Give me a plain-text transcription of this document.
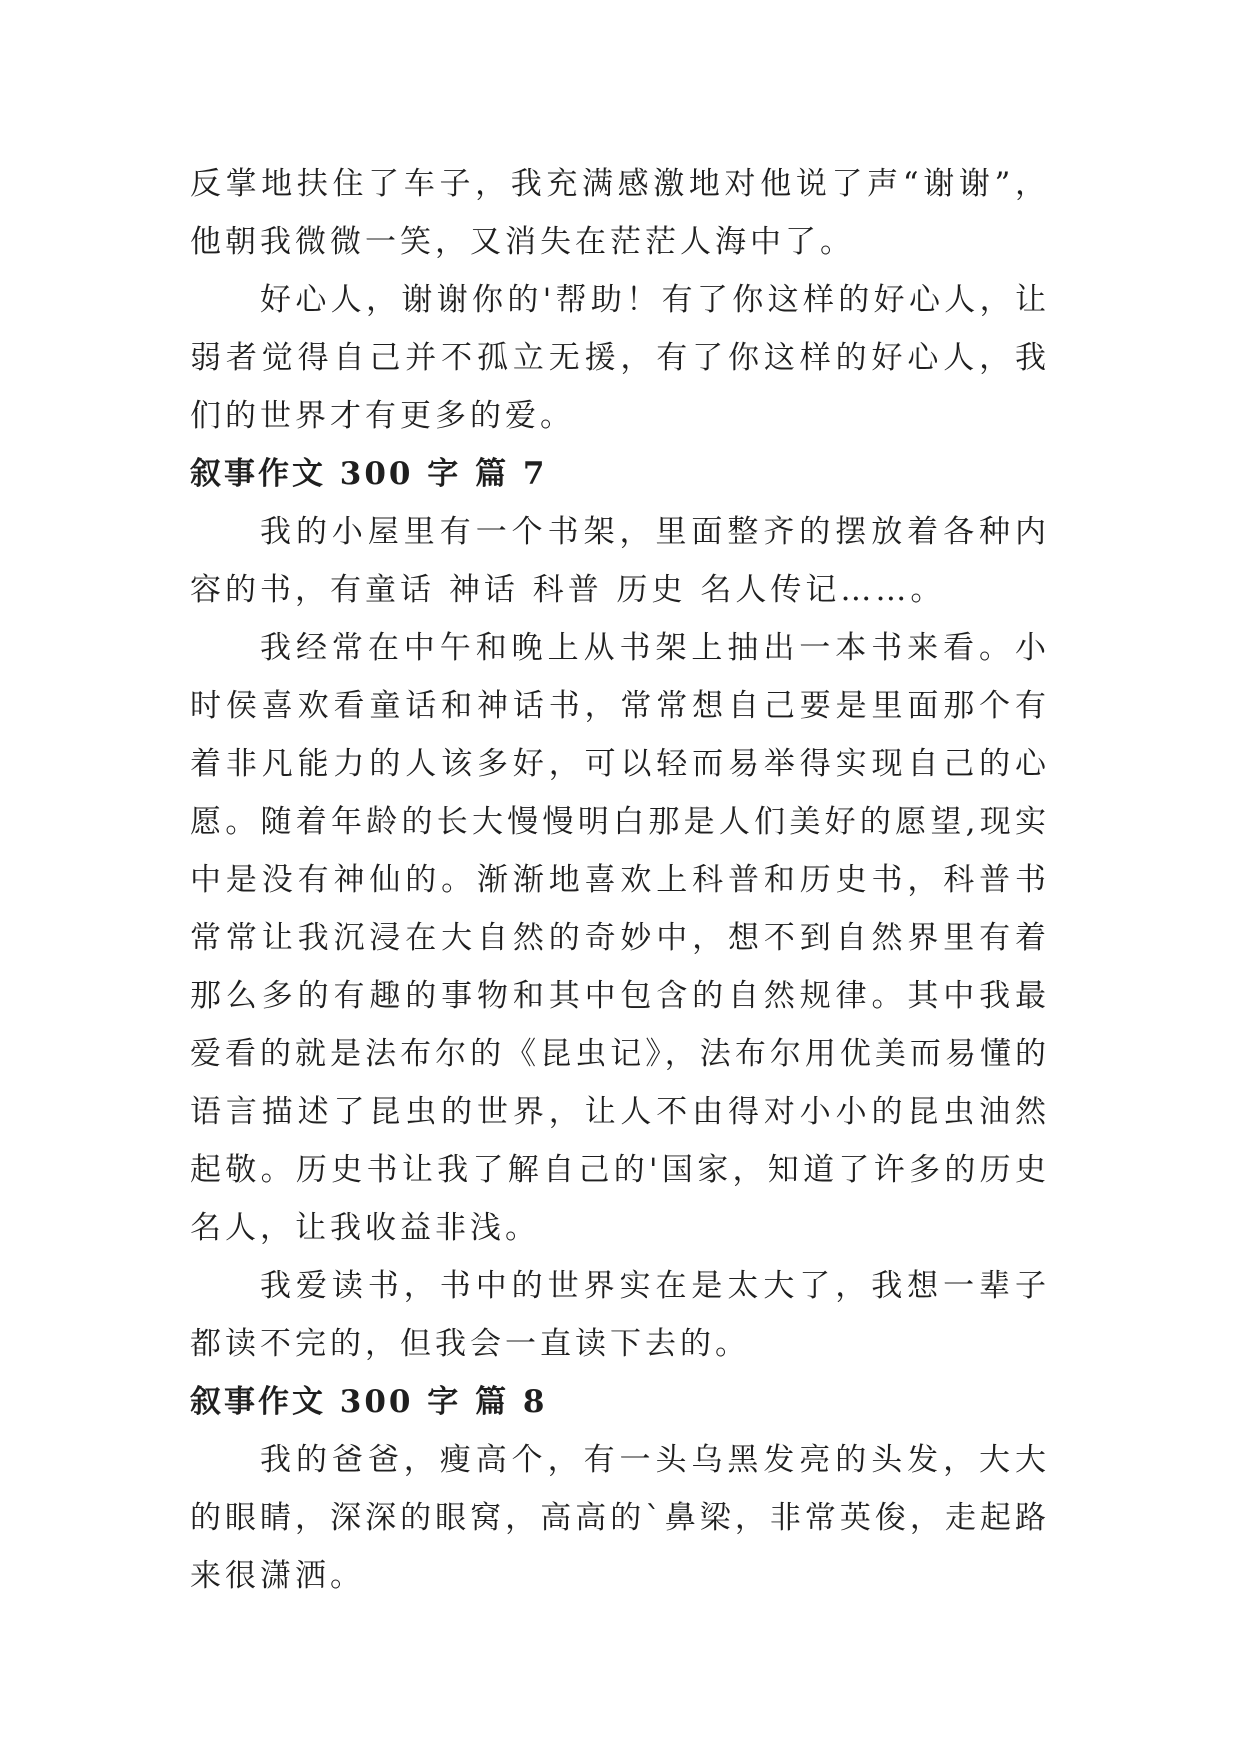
反掌地扶住了车子，我充满感激地对他说了声“谢谢”，他朝我微微一笑，又消失在茫茫人海中了。

好心人，谢谢你的'帮助！有了你这样的好心人，让弱者觉得自己并不孤立无援，有了你这样的好心人，我们的世界才有更多的爱。

叙事作文 300 字 篇 7

我的小屋里有一个书架，里面整齐的摆放着各种内容的书，有童话 神话 科普 历史 名人传记……。

我经常在中午和晚上从书架上抽出一本书来看。小时侯喜欢看童话和神话书，常常想自己要是里面那个有着非凡能力的人该多好，可以轻而易举得实现自己的心愿。随着年龄的长大慢慢明白那是人们美好的愿望,现实中是没有神仙的。渐渐地喜欢上科普和历史书，科普书常常让我沉浸在大自然的奇妙中，想不到自然界里有着那么多的有趣的事物和其中包含的自然规律。其中我最爱看的就是法布尔的《昆虫记》，法布尔用优美而易懂的语言描述了昆虫的世界，让人不由得对小小的昆虫油然起敬。历史书让我了解自己的'国家，知道了许多的历史名人，让我收益非浅。

我爱读书，书中的世界实在是太大了，我想一辈子都读不完的，但我会一直读下去的。

叙事作文 300 字 篇 8

我的爸爸，瘦高个，有一头乌黑发亮的头发，大大的眼睛，深深的眼窝，高高的`鼻梁，非常英俊，走起路来很潇洒。
